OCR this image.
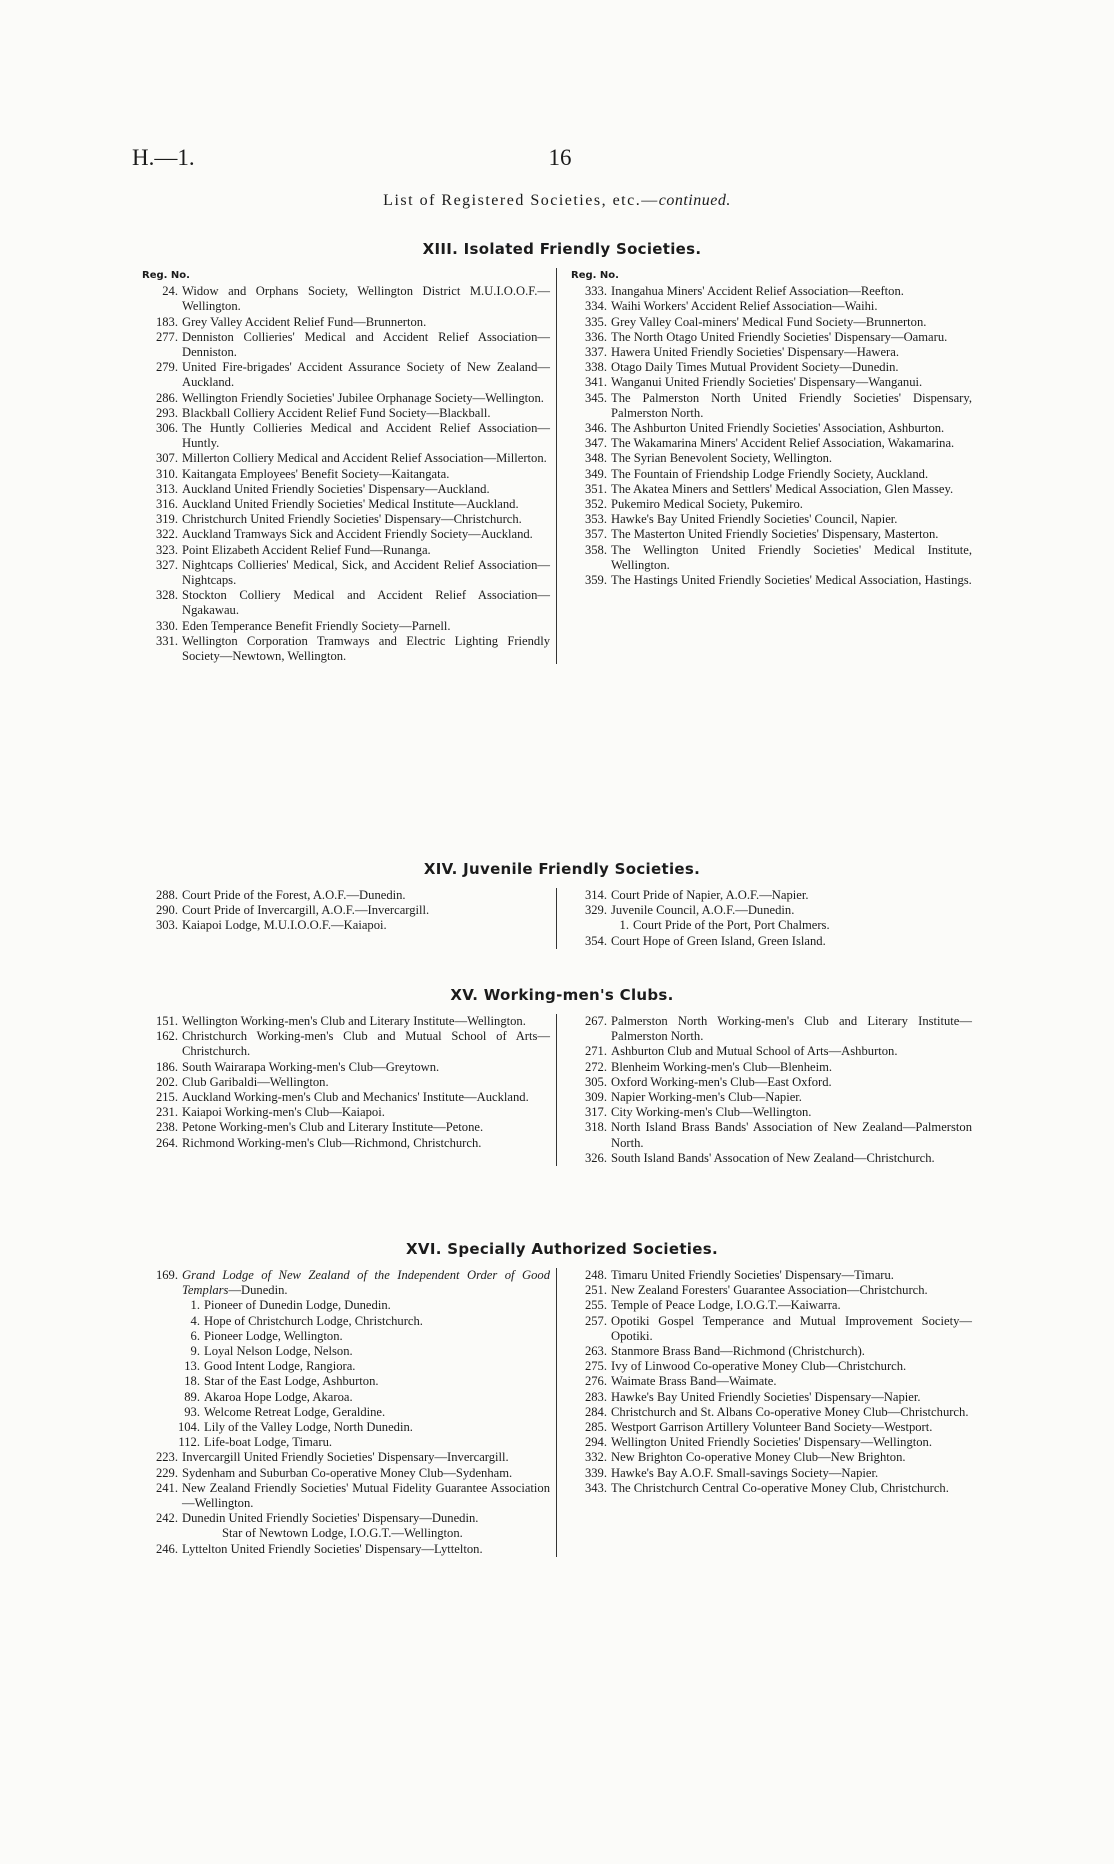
H.—1.	16
List of Registered Societies, etc.—continued.
XIII. Isolated Friendly Societies.
Reg. No.
24. Widow and Orphans Society, Wellington District M.U.I.O.O.F.—Wellington.
183. Grey Valley Accident Relief Fund—Brunnerton.
277. Denniston Collieries' Medical and Accident Relief Association—Denniston.
279. United Fire-brigades' Accident Assurance Society of New Zealand—Auckland.
286. Wellington Friendly Societies' Jubilee Orphanage Society—Wellington.
293. Blackball Colliery Accident Relief Fund Society—Blackball.
306. The Huntly Collieries Medical and Accident Relief Association—Huntly.
307. Millerton Colliery Medical and Accident Relief Association—Millerton.
310. Kaitangata Employees' Benefit Society—Kaitangata.
313. Auckland United Friendly Societies' Dispensary—Auckland.
316. Auckland United Friendly Societies' Medical Institute—Auckland.
319. Christchurch United Friendly Societies' Dispensary—Christchurch.
322. Auckland Tramways Sick and Accident Friendly Society—Auckland.
323. Point Elizabeth Accident Relief Fund—Runanga.
327. Nightcaps Collieries' Medical, Sick, and Accident Relief Association—Nightcaps.
328. Stockton Colliery Medical and Accident Relief Association—Ngakawau.
330. Eden Temperance Benefit Friendly Society—Parnell.
331. Wellington Corporation Tramways and Electric Lighting Friendly Society—Newtown, Wellington.
Reg. No.
333. Inangahua Miners' Accident Relief Association—Reefton.
334. Waihi Workers' Accident Relief Association—Waihi.
335. Grey Valley Coal-miners' Medical Fund Society—Brunnerton.
336. The North Otago United Friendly Societies' Dispensary—Oamaru.
337. Hawera United Friendly Societies' Dispensary—Hawera.
338. Otago Daily Times Mutual Provident Society—Dunedin.
341. Wanganui United Friendly Societies' Dispensary—Wanganui.
345. The Palmerston North United Friendly Societies' Dispensary, Palmerston North.
346. The Ashburton United Friendly Societies' Association, Ashburton.
347. The Wakamarina Miners' Accident Relief Association, Wakamarina.
348. The Syrian Benevolent Society, Wellington.
349. The Fountain of Friendship Lodge Friendly Society, Auckland.
351. The Akatea Miners and Settlers' Medical Association, Glen Massey.
352. Pukemiro Medical Society, Pukemiro.
353. Hawke's Bay United Friendly Societies' Council, Napier.
357. The Masterton United Friendly Societies' Dispensary, Masterton.
358. The Wellington United Friendly Societies' Medical Institute, Wellington.
359. The Hastings United Friendly Societies' Medical Association, Hastings.
XIV. Juvenile Friendly Societies.
288. Court Pride of the Forest, A.O.F.—Dunedin.
290. Court Pride of Invercargill, A.O.F.—Invercargill.
303. Kaiapoi Lodge, M.U.I.O.O.F.—Kaiapoi.
314. Court Pride of Napier, A.O.F.—Napier.
329. Juvenile Council, A.O.F.—Dunedin.
1. Court Pride of the Port, Port Chalmers.
354. Court Hope of Green Island, Green Island.
XV. Working-men's Clubs.
151. Wellington Working-men's Club and Literary Institute—Wellington.
162. Christchurch Working-men's Club and Mutual School of Arts—Christchurch.
186. South Wairarapa Working-men's Club—Greytown.
202. Club Garibaldi—Wellington.
215. Auckland Working-men's Club and Mechanics' Institute—Auckland.
231. Kaiapoi Working-men's Club—Kaiapoi.
238. Petone Working-men's Club and Literary Institute—Petone.
264. Richmond Working-men's Club—Richmond, Christchurch.
267. Palmerston North Working-men's Club and Literary Institute—Palmerston North.
271. Ashburton Club and Mutual School of Arts—Ashburton.
272. Blenheim Working-men's Club—Blenheim.
305. Oxford Working-men's Club—East Oxford.
309. Napier Working-men's Club—Napier.
317. City Working-men's Club—Wellington.
318. North Island Brass Bands' Association of New Zealand—Palmerston North.
326. South Island Bands' Assocation of New Zealand—Christchurch.
XVI. Specially Authorized Societies.
169. Grand Lodge of New Zealand of the Independent Order of Good Templars—Dunedin.
1. Pioneer of Dunedin Lodge, Dunedin.
4. Hope of Christchurch Lodge, Christchurch.
6. Pioneer Lodge, Wellington.
9. Loyal Nelson Lodge, Nelson.
13. Good Intent Lodge, Rangiora.
18. Star of the East Lodge, Ashburton.
89. Akaroa Hope Lodge, Akaroa.
93. Welcome Retreat Lodge, Geraldine.
104. Lily of the Valley Lodge, North Dunedin.
112. Life-boat Lodge, Timaru.
223. Invercargill United Friendly Societies' Dispensary—Invercargill.
229. Sydenham and Suburban Co-operative Money Club—Sydenham.
241. New Zealand Friendly Societies' Mutual Fidelity Guarantee Association—Wellington.
242. Dunedin United Friendly Societies' Dispensary—Dunedin.
Star of Newtown Lodge, I.O.G.T.—Wellington.
246. Lyttelton United Friendly Societies' Dispensary—Lyttelton.
248. Timaru United Friendly Societies' Dispensary—Timaru.
251. New Zealand Foresters' Guarantee Association—Christchurch.
255. Temple of Peace Lodge, I.O.G.T.—Kaiwarra.
257. Opotiki Gospel Temperance and Mutual Improvement Society—Opotiki.
263. Stanmore Brass Band—Richmond (Christchurch).
275. Ivy of Linwood Co-operative Money Club—Christchurch.
276. Waimate Brass Band—Waimate.
283. Hawke's Bay United Friendly Societies' Dispensary—Napier.
284. Christchurch and St. Albans Co-operative Money Club—Christchurch.
285. Westport Garrison Artillery Volunteer Band Society—Westport.
294. Wellington United Friendly Societies' Dispensary—Wellington.
332. New Brighton Co-operative Money Club—New Brighton.
339. Hawke's Bay A.O.F. Small-savings Society—Napier.
343. The Christchurch Central Co-operative Money Club, Christchurch.
